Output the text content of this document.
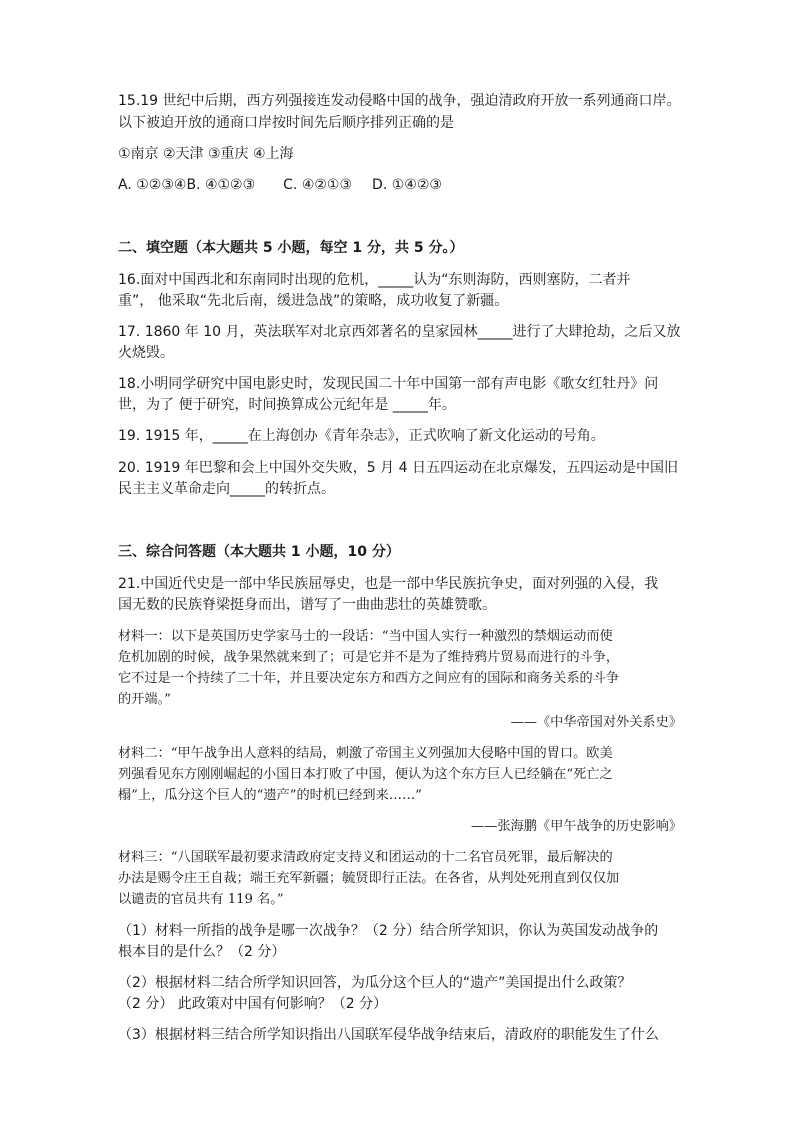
15.19 世纪中后期，西方列强接连发动侵略中国的战争，强迫清政府开放一系列通商口岸。
以下被迫开放的通商口岸按时间先后顺序排列正确的是
①南京 ②天津 ③重庆 ④上海
A. ①②③④B. ④①②③ C. ④②①③ D. ①④②③
二、填空题（本大题共 5 小题，每空 1 分，共 5 分。）
16.面对中国西北和东南同时出现的危机，_____认为“东则海防，西则塞防，二者并
重”， 他采取“先北后南，缓进急战”的策略，成功收复了新疆。
17. 1860 年 10 月，英法联军对北京西郊著名的皇家园林_____进行了大肆抢劫，之后又放
火烧毁。
18.小明同学研究中国电影史时，发现民国二十年中国第一部有声电影《歌女红牡丹》问
世，为了 便于研究，时间换算成公元纪年是 _____年。
19. 1915 年，_____在上海创办《青年杂志》，正式吹响了新文化运动的号角。
20. 1919 年巴黎和会上中国外交失败，5 月 4 日五四运动在北京爆发，五四运动是中国旧
民主主义革命走向_____的转折点。
三、综合问答题（本大题共 1 小题，10 分）
21.中国近代史是一部中华民族屈辱史，也是一部中华民族抗争史，面对列强的入侵，我
国无数的民族脊梁挺身而出，谱写了一曲曲悲壮的英雄赞歌。
材料一：以下是英国历史学家马士的一段话：“当中国人实行一种激烈的禁烟运动而使
危机加剧的时候，战争果然就来到了；可是它并不是为了维持鸦片贸易而进行的斗争，
它不过是一个持续了二十年，并且要决定东方和西方之间应有的国际和商务关系的斗争
的开端。”
——《中华帝国对外关系史》
材料二：“甲午战争出人意料的结局，刺激了帝国主义列强加大侵略中国的胃口。欧美
列强看见东方刚刚崛起的小国日本打败了中国，便认为这个东方巨人已经躺在“死亡之
榻”上，瓜分这个巨人的“遗产”的时机已经到来……”
——张海鹏《甲午战争的历史影响》
材料三：“八国联军最初要求清政府定支持义和团运动的十二名官员死罪，最后解决的
办法是赐令庄王自裁；端王充军新疆；毓贤即行正法。在各省，从判处死刑直到仅仅加
以谴责的官员共有 119 名。”
（1）材料一所指的战争是哪一次战争？（2 分）结合所学知识，你认为英国发动战争的
根本目的是什么？（2 分）
（2）根据材料二结合所学知识回答，为瓜分这个巨人的“遗产”美国提出什么政策？
（2 分） 此政策对中国有何影响？（2 分）
（3）根据材料三结合所学知识指出八国联军侵华战争结束后，清政府的职能发生了什么
